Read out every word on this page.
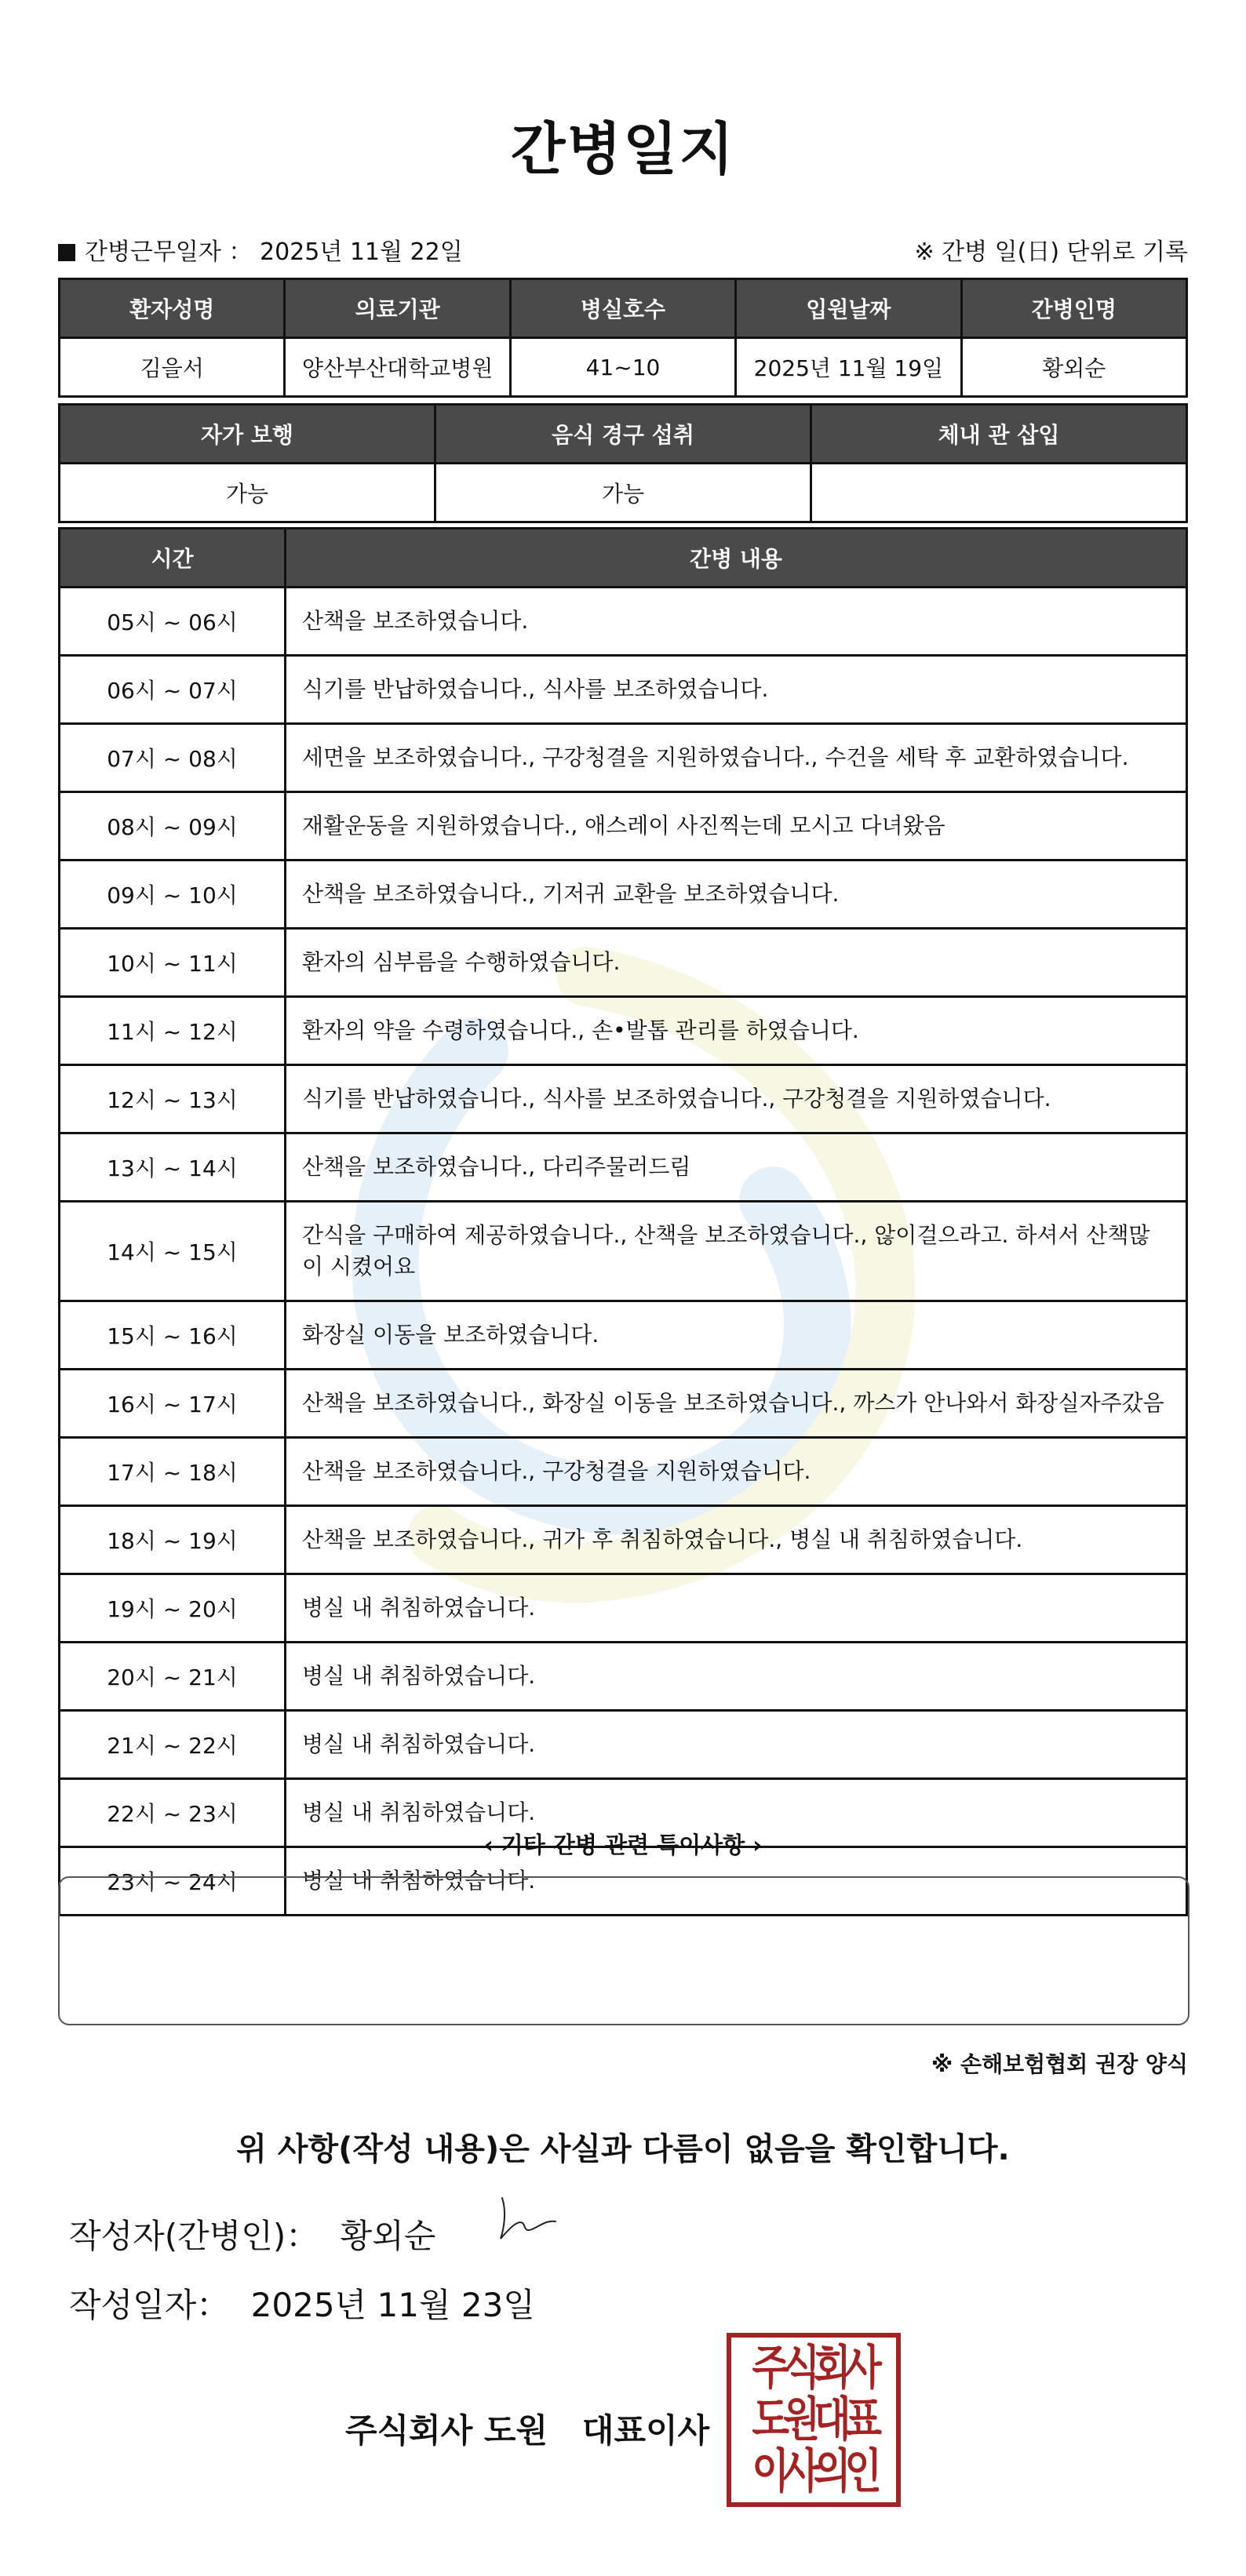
간병일지
간병근무일자 ： 2025년 11월 22일	※ 간병 일(日) 단위로 기록
환자성명	의료기관	병실호수	입원날짜	간병인명
김을서	양산부산대학교병원	41~10	2025년 11월 19일	황외순
자가 보행	음식 경구 섭취	체내 관 삽입
가능	가능	
시간	간병 내용
05시 ~ 06시	산책을 보조하였습니다.
06시 ~ 07시	식기를 반납하였습니다., 식사를 보조하였습니다.
07시 ~ 08시	세면을 보조하였습니다., 구강청결을 지원하였습니다., 수건을 세탁 후 교환하였습니다.
08시 ~ 09시	재활운동을 지원하였습니다., 애스레이 사진찍는데 모시고 다녀왔음
09시 ~ 10시	산책을 보조하였습니다., 기저귀 교환을 보조하였습니다.
10시 ~ 11시	환자의 심부름을 수행하였습니다.
11시 ~ 12시	환자의 약을 수령하였습니다., 손•발톱 관리를 하였습니다.
12시 ~ 13시	식기를 반납하였습니다., 식사를 보조하였습니다., 구강청결을 지원하였습니다.
13시 ~ 14시	산책을 보조하였습니다., 다리주물러드림
14시 ~ 15시	간식을 구매하여 제공하였습니다., 산책을 보조하였습니다., 않이걸으라고. 하셔서 산책많이 시켰어요
15시 ~ 16시	화장실 이동을 보조하였습니다.
16시 ~ 17시	산책을 보조하였습니다., 화장실 이동을 보조하였습니다., 까스가 안나와서 화장실자주갔음
17시 ~ 18시	산책을 보조하였습니다., 구강청결을 지원하였습니다.
18시 ~ 19시	산책을 보조하였습니다., 귀가 후 취침하였습니다., 병실 내 취침하였습니다.
19시 ~ 20시	병실 내 취침하였습니다.
20시 ~ 21시	병실 내 취침하였습니다.
21시 ~ 22시	병실 내 취침하였습니다.
22시 ~ 23시	병실 내 취침하였습니다.
23시 ~ 24시	병실 내 취침하였습니다.
‹ 기타 간병 관련 특이사항 ›
※ 손해보험협회 권장 양식
위 사항(작성 내용)은 사실과 다름이 없음을 확인합니다.
작성자(간병인)： 황외순
작성일자： 2025년 11월 23일
주식회사 도원   대표이사
주식회사
도원대표
이사의인
